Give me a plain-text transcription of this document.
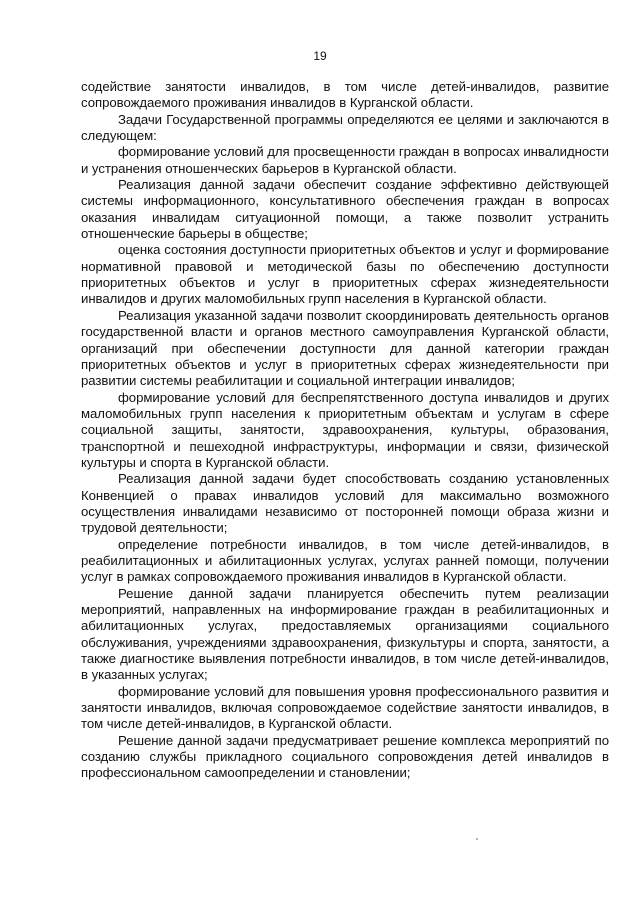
19

содействие занятости инвалидов, в том числе детей-инвалидов, развитие сопровождаемого проживания инвалидов в Курганской области.

Задачи Государственной программы определяются ее целями и заключаются в следующем:

формирование условий для просвещенности граждан в вопросах инвалидности и устранения отношенческих барьеров в Курганской области.

Реализация данной задачи обеспечит создание эффективно действующей системы информационного, консультативного обеспечения граждан в вопросах оказания инвалидам ситуационной помощи, а также позволит устранить отношенческие барьеры в обществе;

оценка состояния доступности приоритетных объектов и услуг и формирование нормативной правовой и методической базы по обеспечению доступности приоритетных объектов и услуг в приоритетных сферах жизнедеятельности инвалидов и других маломобильных групп населения в Курганской области.

Реализация указанной задачи позволит скоординировать деятельность органов государственной власти и органов местного самоуправления Курганской области, организаций при обеспечении доступности для данной категории граждан приоритетных объектов и услуг в приоритетных сферах жизнедеятельности при развитии системы реабилитации и социальной интеграции инвалидов;

формирование условий для беспрепятственного доступа инвалидов и других маломобильных групп населения к приоритетным объектам и услугам в сфере социальной защиты, занятости, здравоохранения, культуры, образования, транспортной и пешеходной инфраструктуры, информации и связи, физической культуры и спорта в Курганской области.

Реализация данной задачи будет способствовать созданию установленных Конвенцией о правах инвалидов условий для максимально возможного осуществления инвалидами независимо от посторонней помощи образа жизни и трудовой деятельности;

определение потребности инвалидов, в том числе детей-инвалидов, в реабилитационных и абилитационных услугах, услугах ранней помощи, получении услуг в рамках сопровождаемого проживания инвалидов в Курганской области.

Решение данной задачи планируется обеспечить путем реализации мероприятий, направленных на информирование граждан в реабилитационных и абилитационных услугах, предоставляемых организациями социального обслуживания, учреждениями здравоохранения, физкультуры и спорта, занятости, а также диагностике выявления потребности инвалидов, в том числе детей-инвалидов, в указанных услугах;

формирование условий для повышения уровня профессионального развития и занятости инвалидов, включая сопровождаемое содействие занятости инвалидов, в том числе детей-инвалидов, в Курганской области.

Решение данной задачи предусматривает решение комплекса мероприятий по созданию службы прикладного социального сопровождения детей инвалидов в профессиональном самоопределении и становлении;
